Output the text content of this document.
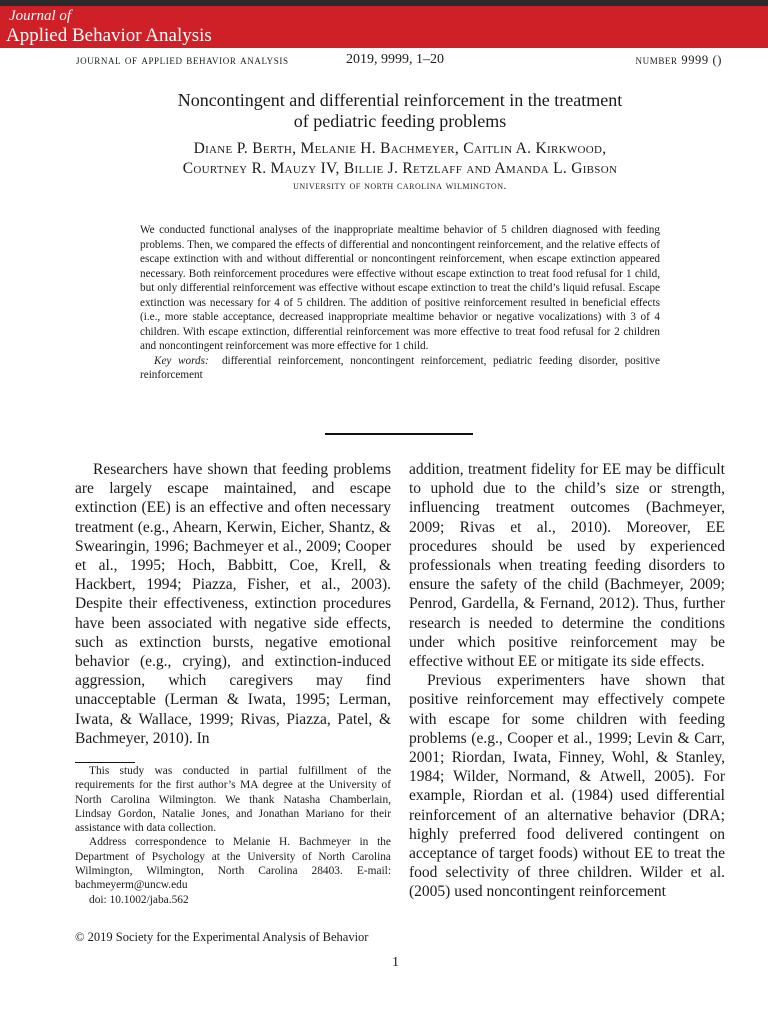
Journal of
Applied Behavior Analysis
journal of applied behavior analysis	2019, 9999, 1–20	number 9999 ()
Noncontingent and differential reinforcement in the treatment
of pediatric feeding problems
Diane P. Berth, Melanie H. Bachmeyer, Caitlin A. Kirkwood,
Courtney R. Mauzy IV, Billie J. Retzlaff and Amanda L. Gibson
university of north carolina wilmington.

We conducted functional analyses of the inappropriate mealtime behavior of 5 children diagnosed with feeding problems. Then, we compared the effects of differential and noncontingent reinforcement, and the relative effects of escape extinction with and without differential or noncontingent reinforcement, when escape extinction appeared necessary. Both reinforcement procedures were effective without escape extinction to treat food refusal for 1 child, but only differential reinforcement was effective without escape extinction to treat the child’s liquid refusal. Escape extinction was necessary for 4 of 5 children. The addition of positive reinforcement resulted in beneficial effects (i.e., more stable acceptance, decreased inappropriate mealtime behavior or negative vocalizations) with 3 of 4 children. With escape extinction, differential reinforcement was more effective to treat food refusal for 2 children and noncontingent reinforcement was more effective for 1 child.

Key words: differential reinforcement, noncontingent reinforcement, pediatric feeding disorder, positive reinforcement

Researchers have shown that feeding problems are largely escape maintained, and escape extinction (EE) is an effective and often necessary treatment (e.g., Ahearn, Kerwin, Eicher, Shantz, & Swearingin, 1996; Bachmeyer et al., 2009; Cooper et al., 1995; Hoch, Babbitt, Coe, Krell, & Hackbert, 1994; Piazza, Fisher, et al., 2003). Despite their effectiveness, extinction procedures have been associated with negative side effects, such as extinction bursts, negative emotional behavior (e.g., crying), and extinction-induced aggression, which caregivers may find unacceptable (Lerman & Iwata, 1995; Lerman, Iwata, & Wallace, 1999; Rivas, Piazza, Patel, & Bachmeyer, 2010). In

addition, treatment fidelity for EE may be difficult to uphold due to the child’s size or strength, influencing treatment outcomes (Bachmeyer, 2009; Rivas et al., 2010). Moreover, EE procedures should be used by experienced professionals when treating feeding disorders to ensure the safety of the child (Bachmeyer, 2009; Penrod, Gardella, & Fernand, 2012). Thus, further research is needed to determine the conditions under which positive reinforcement may be effective without EE or mitigate its side effects.

Previous experimenters have shown that positive reinforcement may effectively compete with escape for some children with feeding problems (e.g., Cooper et al., 1999; Levin & Carr, 2001; Riordan, Iwata, Finney, Wohl, & Stanley, 1984; Wilder, Normand, & Atwell, 2005). For example, Riordan et al. (1984) used differential reinforcement of an alternative behavior (DRA; highly preferred food delivered contingent on acceptance of target foods) without EE to treat the food selectivity of three children. Wilder et al. (2005) used noncontingent reinforcement

This study was conducted in partial fulfillment of the requirements for the first author’s MA degree at the University of North Carolina Wilmington. We thank Natasha Chamberlain, Lindsay Gordon, Natalie Jones, and Jonathan Mariano for their assistance with data collection.

Address correspondence to Melanie H. Bachmeyer in the Department of Psychology at the University of North Carolina Wilmington, Wilmington, North Carolina 28403. E-mail: bachmeyerm@uncw.edu

doi: 10.1002/jaba.562

© 2019 Society for the Experimental Analysis of Behavior
1
